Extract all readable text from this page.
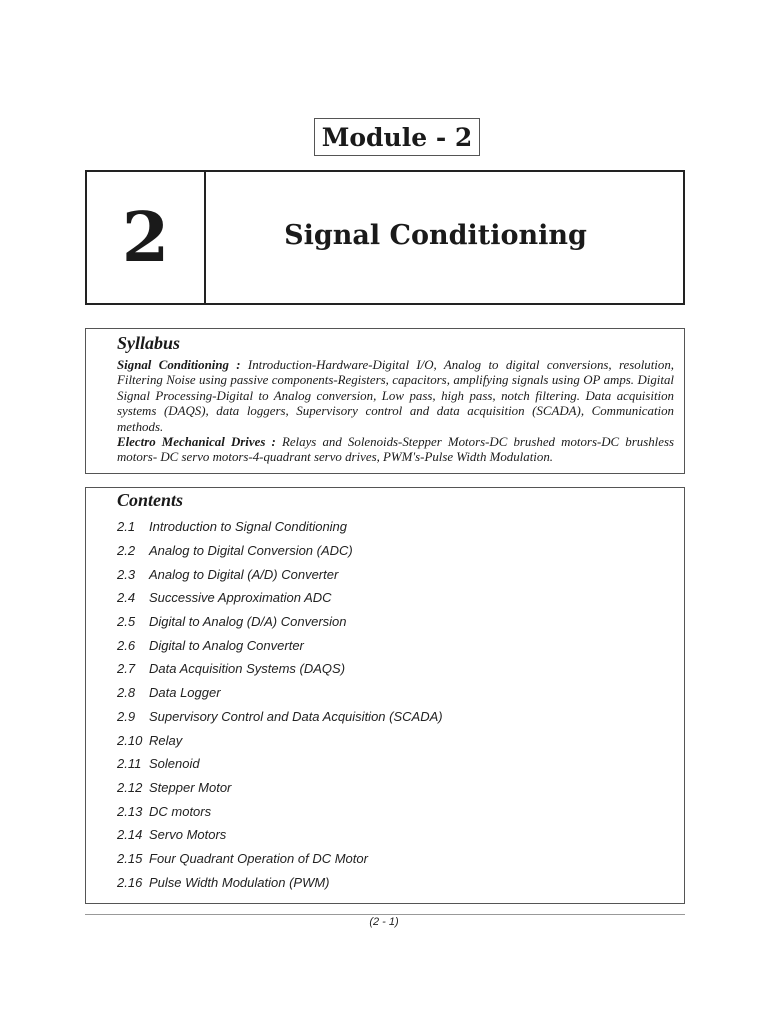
Module - 2
2	Signal Conditioning
Syllabus

Signal Conditioning : Introduction-Hardware-Digital I/O, Analog to digital conversions, resolution, Filtering Noise using passive components-Registers, capacitors, amplifying signals using OP amps. Digital Signal Processing-Digital to Analog conversion, Low pass, high pass, notch filtering. Data acquisition systems (DAQS), data loggers, Supervisory control and data acquisition (SCADA), Communication methods.
Electro Mechanical Drives : Relays and Solenoids-Stepper Motors-DC brushed motors-DC brushless motors- DC servo motors-4-quadrant servo drives, PWM's-Pulse Width Modulation.

Contents
2.1	Introduction to Signal Conditioning
2.2	Analog to Digital Conversion (ADC)
2.3	Analog to Digital (A/D) Converter
2.4	Successive Approximation ADC
2.5	Digital to Analog (D/A) Conversion
2.6	Digital to Analog Converter
2.7	Data Acquisition Systems (DAQS)
2.8	Data Logger
2.9	Supervisory Control and Data Acquisition (SCADA)
2.10 Relay
2.11 Solenoid
2.12 Stepper Motor
2.13 DC motors
2.14 Servo Motors
2.15 Four Quadrant Operation of DC Motor
2.16 Pulse Width Modulation (PWM)
(2 - 1)
